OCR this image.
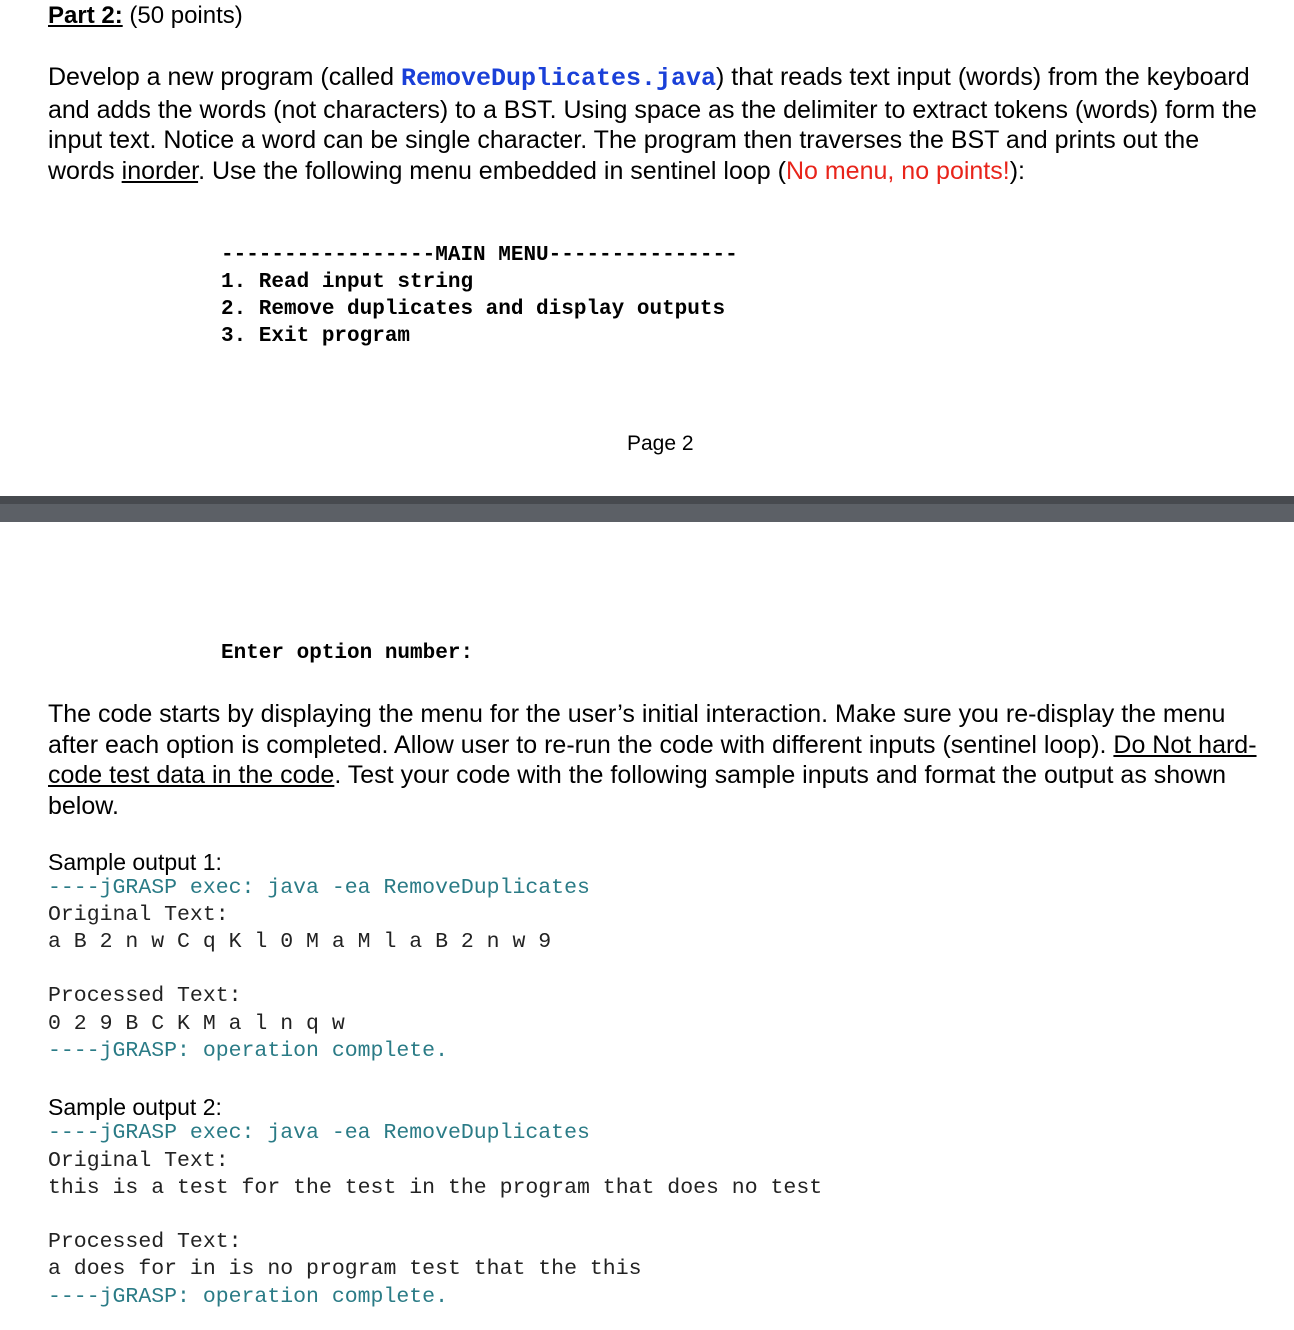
Part 2: (50 points)
Develop a new program (called RemoveDuplicates.java) that reads text input (words) from the keyboard and adds the words (not characters) to a BST. Using space as the delimiter to extract tokens (words) form the input text. Notice a word can be single character. The program then traverses the BST and prints out the words inorder. Use the following menu embedded in sentinel loop (No menu, no points!):
-----------------MAIN MENU---------------
1. Read input string
2. Remove duplicates and display outputs
3. Exit program
Page 2
Enter option number:
The code starts by displaying the menu for the user’s initial interaction. Make sure you re-display the menu after each option is completed. Allow user to re-run the code with different inputs (sentinel loop). Do Not hard-code test data in the code. Test your code with the following sample inputs and format the output as shown below.
Sample output 1:
----jGRASP exec: java -ea RemoveDuplicates
Original Text:
a B 2 n w C q K l 0 M a M l a B 2 n w 9
Processed Text:
0 2 9 B C K M a l n q w
----jGRASP: operation complete.
Sample output 2:
----jGRASP exec: java -ea RemoveDuplicates
Original Text:
this is a test for the test in the program that does no test
Processed Text:
a does for in is no program test that the this
----jGRASP: operation complete.
